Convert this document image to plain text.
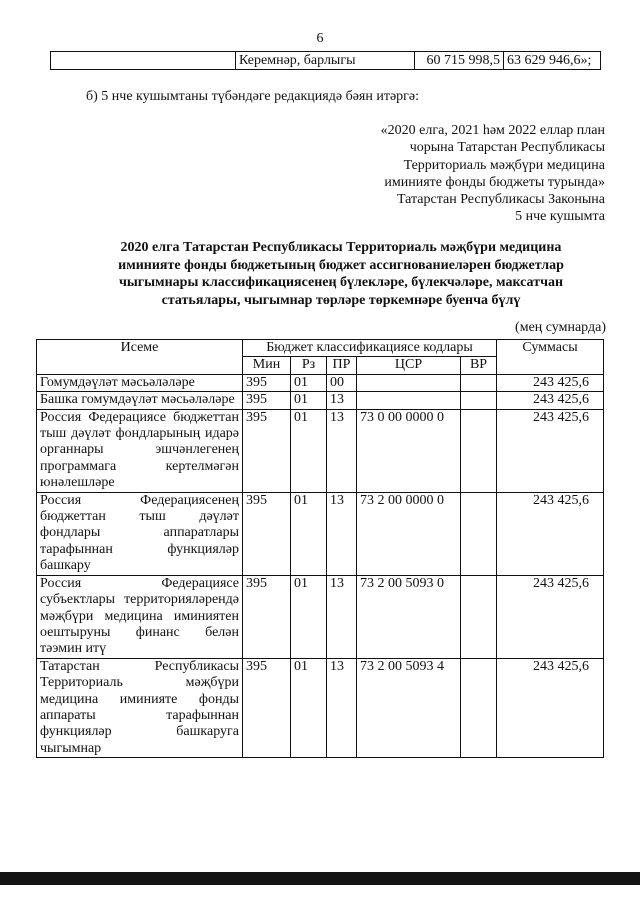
6
	Керемнәр, барлыгы	60 715 998,5	63 629 946,6»;
б) 5 нче кушымтаны түбәндәге редакциядә бәян итәргә:
«2020 елга, 2021 һәм 2022 еллар план
чорына Татарстан Республикасы
Территориаль мәҗбүри медицина
иминияте фонды бюджеты турында»
Татарстан Республикасы Законына
5 нче кушымта
2020 елга Татарстан Республикасы Территориаль мәҗбүри медицина
иминияте фонды бюджетының бюджет ассигнованиеләрен бюджетлар
чыгымнары классификациясенең бүлекләре, бүлекчәләре, максатчан
статьялары, чыгымнар төрләре төркемнәре буенча бүлү
(мең сумнарда)
Исеме	Бюджет классификациясе кодлары					Суммасы
	Мин	Рз	ПР	ЦСР	ВР	
Гомумдәүләт мәсьәләләре	395	01	00			243 425,6
Башка гомумдәүләт мәсьәләләре	395	01	13			243 425,6
Россия Федерациясе бюджеттан тыш дәүләт фондларының идарә органнары эшчәнлегенең программага кертелмәгән юнәлешләре	395	01	13	73 0 00 0000 0		243 425,6
Россия Федерациясенең бюджеттан тыш дәүләт фондлары аппаратлары тарафыннан функцияләр башкару	395	01	13	73 2 00 0000 0		243 425,6
Россия Федерациясе субъектлары территорияләрендә мәҗбүри медицина иминиятен оештыруны финанс белән тәэмин итү	395	01	13	73 2 00 5093 0		243 425,6
Татарстан Республикасы Территориаль мәҗбүри медицина иминияте фонды аппараты тарафыннан функцияләр башкаруга чыгымнар	395	01	13	73 2 00 5093 4		243 425,6
